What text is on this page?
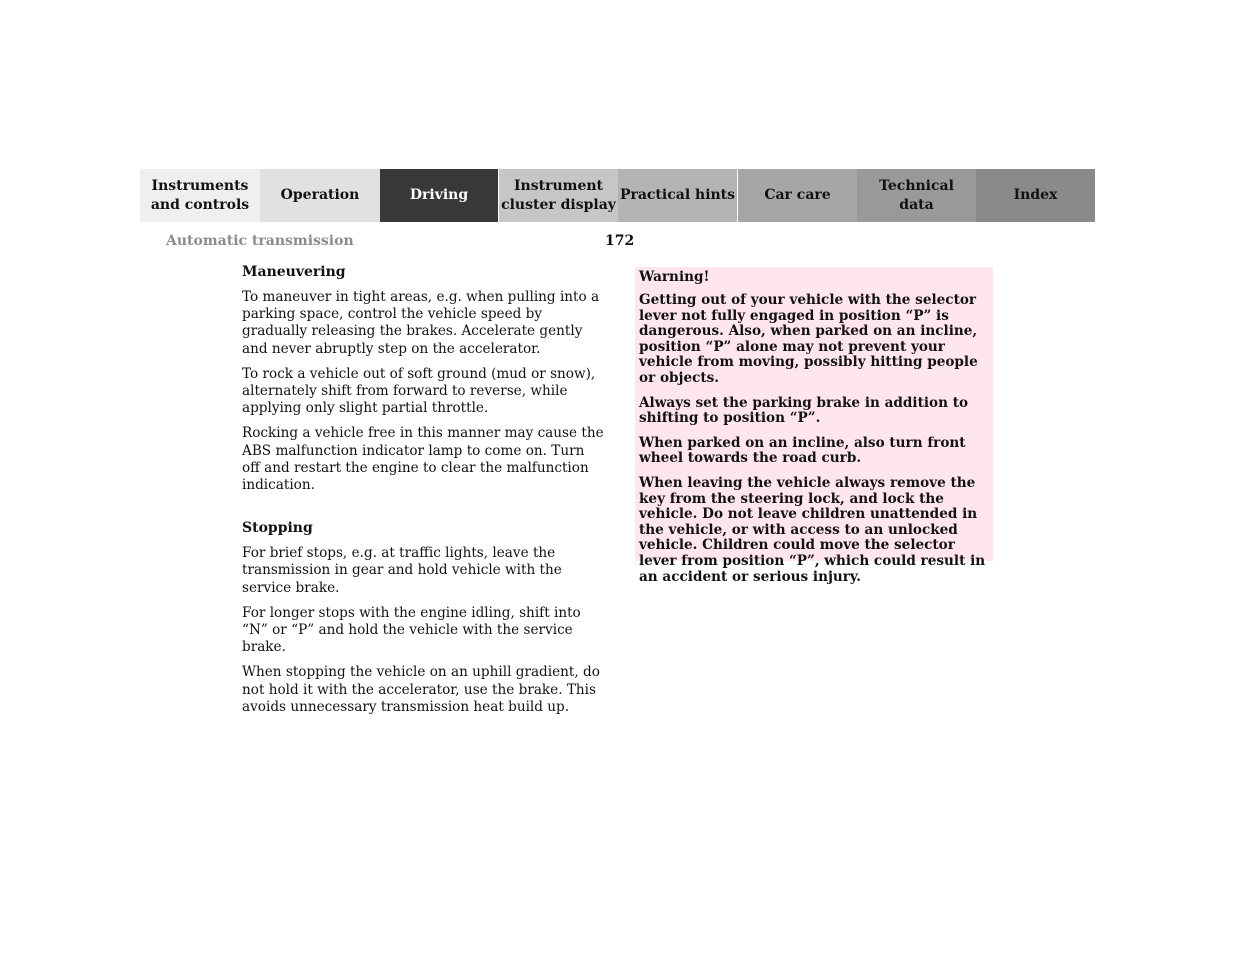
Instruments
and controls
Operation	Driving
Instrument
cluster display
Practical hints Car care
Technical
data
Index
Automatic transmission	172
Maneuvering

To maneuver in tight areas, e.g. when pulling into a parking space, control the vehicle speed by gradually releasing the brakes. Accelerate gently and never abruptly step on the accelerator.

To rock a vehicle out of soft ground (mud or snow), alternately shift from forward to reverse, while applying only slight partial throttle.

Rocking a vehicle free in this manner may cause the ABS malfunction indicator lamp to come on. Turn off and restart the engine to clear the malfunction indication.

Stopping

For brief stops, e.g. at traffic lights, leave the transmission in gear and hold vehicle with the service brake.

For longer stops with the engine idling, shift into “N” or “P” and hold the vehicle with the service brake.

When stopping the vehicle on an uphill gradient, do not hold it with the accelerator, use the brake. This avoids unnecessary transmission heat build up.

Warning!

Getting out of your vehicle with the selector lever not fully engaged in position “P” is dangerous. Also, when parked on an incline, position “P” alone may not prevent your vehicle from moving, possibly hitting people or objects.

Always set the parking brake in addition to shifting to position “P”.

When parked on an incline, also turn front wheel towards the road curb.

When leaving the vehicle always remove the key from the steering lock, and lock the vehicle. Do not leave children unattended in the vehicle, or with access to an unlocked vehicle. Children could move the selector lever from position “P”, which could result in an accident or serious injury.
